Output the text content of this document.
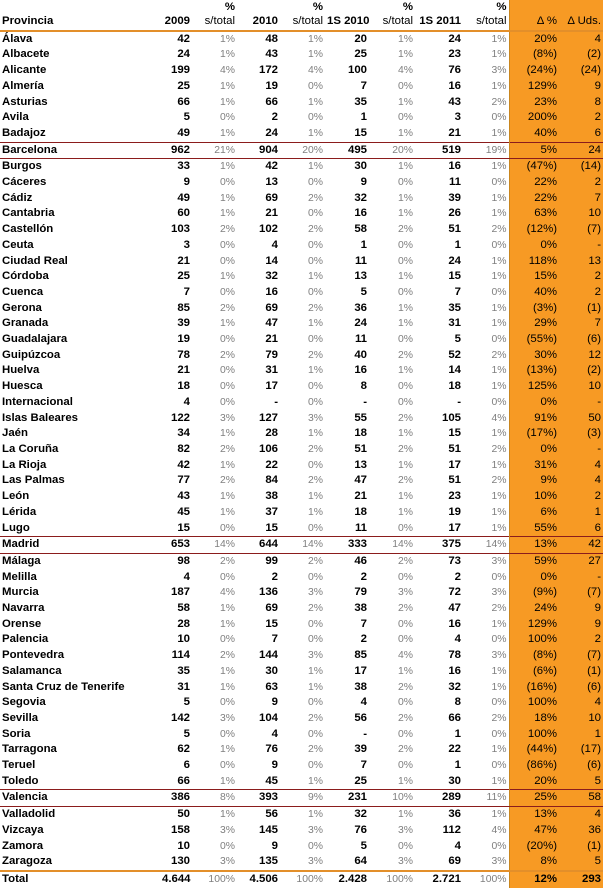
		%		%		%		%		
Provincia	2009	s/total	2010	s/total	1S 2010	s/total	1S 2011	s/total	Δ %	Δ Uds.
Álava	42	1%	48	1%	20	1%	24	1%	20%	4
Albacete	24	1%	43	1%	25	1%	23	1%	(8%)	(2)
Alicante	199	4%	172	4%	100	4%	76	3%	(24%)	(24)
Almería	25	1%	19	0%	7	0%	16	1%	129%	9
Asturias	66	1%	66	1%	35	1%	43	2%	23%	8
Avila	5	0%	2	0%	1	0%	3	0%	200%	2
Badajoz	49	1%	24	1%	15	1%	21	1%	40%	6
Barcelona	962	21%	904	20%	495	20%	519	19%	5%	24
Burgos	33	1%	42	1%	30	1%	16	1%	(47%)	(14)
Cáceres	9	0%	13	0%	9	0%	11	0%	22%	2
Cádiz	49	1%	69	2%	32	1%	39	1%	22%	7
Cantabria	60	1%	21	0%	16	1%	26	1%	63%	10
Castellón	103	2%	102	2%	58	2%	51	2%	(12%)	(7)
Ceuta	3	0%	4	0%	1	0%	1	0%	0%	-
Ciudad Real	21	0%	14	0%	11	0%	24	1%	118%	13
Córdoba	25	1%	32	1%	13	1%	15	1%	15%	2
Cuenca	7	0%	16	0%	5	0%	7	0%	40%	2
Gerona	85	2%	69	2%	36	1%	35	1%	(3%)	(1)
Granada	39	1%	47	1%	24	1%	31	1%	29%	7
Guadalajara	19	0%	21	0%	11	0%	5	0%	(55%)	(6)
Guipúzcoa	78	2%	79	2%	40	2%	52	2%	30%	12
Huelva	21	0%	31	1%	16	1%	14	1%	(13%)	(2)
Huesca	18	0%	17	0%	8	0%	18	1%	125%	10
Internacional	4	0%	-	0%	-	0%	-	0%	0%	-
Islas Baleares	122	3%	127	3%	55	2%	105	4%	91%	50
Jaén	34	1%	28	1%	18	1%	15	1%	(17%)	(3)
La Coruña	82	2%	106	2%	51	2%	51	2%	0%	-
La Rioja	42	1%	22	0%	13	1%	17	1%	31%	4
Las Palmas	77	2%	84	2%	47	2%	51	2%	9%	4
León	43	1%	38	1%	21	1%	23	1%	10%	2
Lérida	45	1%	37	1%	18	1%	19	1%	6%	1
Lugo	15	0%	15	0%	11	0%	17	1%	55%	6
Madrid	653	14%	644	14%	333	14%	375	14%	13%	42
Málaga	98	2%	99	2%	46	2%	73	3%	59%	27
Melilla	4	0%	2	0%	2	0%	2	0%	0%	-
Murcia	187	4%	136	3%	79	3%	72	3%	(9%)	(7)
Navarra	58	1%	69	2%	38	2%	47	2%	24%	9
Orense	28	1%	15	0%	7	0%	16	1%	129%	9
Palencia	10	0%	7	0%	2	0%	4	0%	100%	2
Pontevedra	114	2%	144	3%	85	4%	78	3%	(8%)	(7)
Salamanca	35	1%	30	1%	17	1%	16	1%	(6%)	(1)
Santa Cruz de Tenerife	31	1%	63	1%	38	2%	32	1%	(16%)	(6)
Segovia	5	0%	9	0%	4	0%	8	0%	100%	4
Sevilla	142	3%	104	2%	56	2%	66	2%	18%	10
Soria	5	0%	4	0%	-	0%	1	0%	100%	1
Tarragona	62	1%	76	2%	39	2%	22	1%	(44%)	(17)
Teruel	6	0%	9	0%	7	0%	1	0%	(86%)	(6)
Toledo	66	1%	45	1%	25	1%	30	1%	20%	5
Valencia	386	8%	393	9%	231	10%	289	11%	25%	58
Valladolid	50	1%	56	1%	32	1%	36	1%	13%	4
Vizcaya	158	3%	145	3%	76	3%	112	4%	47%	36
Zamora	10	0%	9	0%	5	0%	4	0%	(20%)	(1)
Zaragoza	130	3%	135	3%	64	3%	69	3%	8%	5
Total	4.644	100%	4.506	100%	2.428	100%	2.721	100%	12%	293
